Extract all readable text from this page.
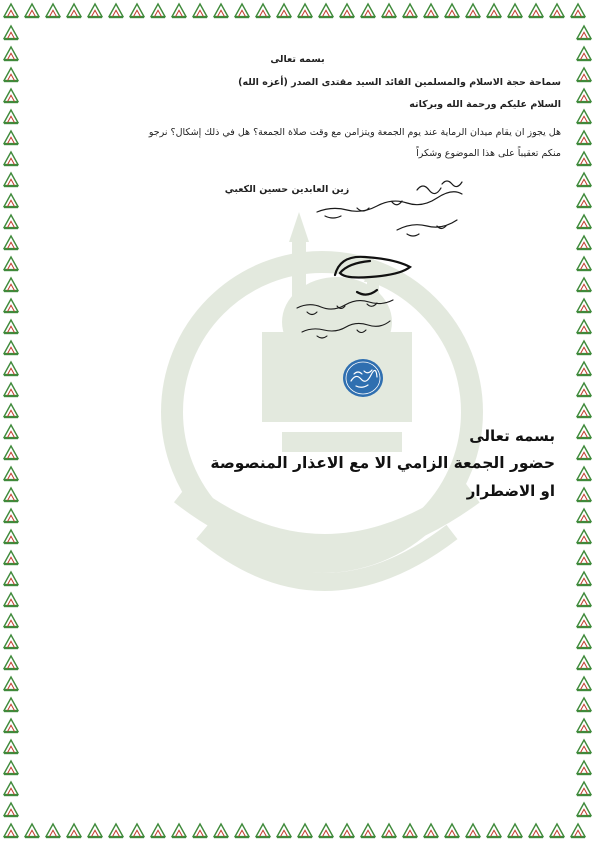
بسمه تعالى
سماحة حجة الاسلام والمسلمين القائد السيد مقتدى الصدر (أعزه الله)
السلام عليكم ورحمة الله وبركاته
هل يجوز ان يقام ميدان الرماية عند يوم الجمعة ويتزامن مع وقت صلاة الجمعة؟ هل في ذلك إشكال؟ نرجو
منكم تعقيباً على هذا الموضوع وشكراً
زين العابدين حسين الكعبي
بسمه تعالى
حضور الجمعة الزامي الا مع الاعذار المنصوصة
او الاضطرار
